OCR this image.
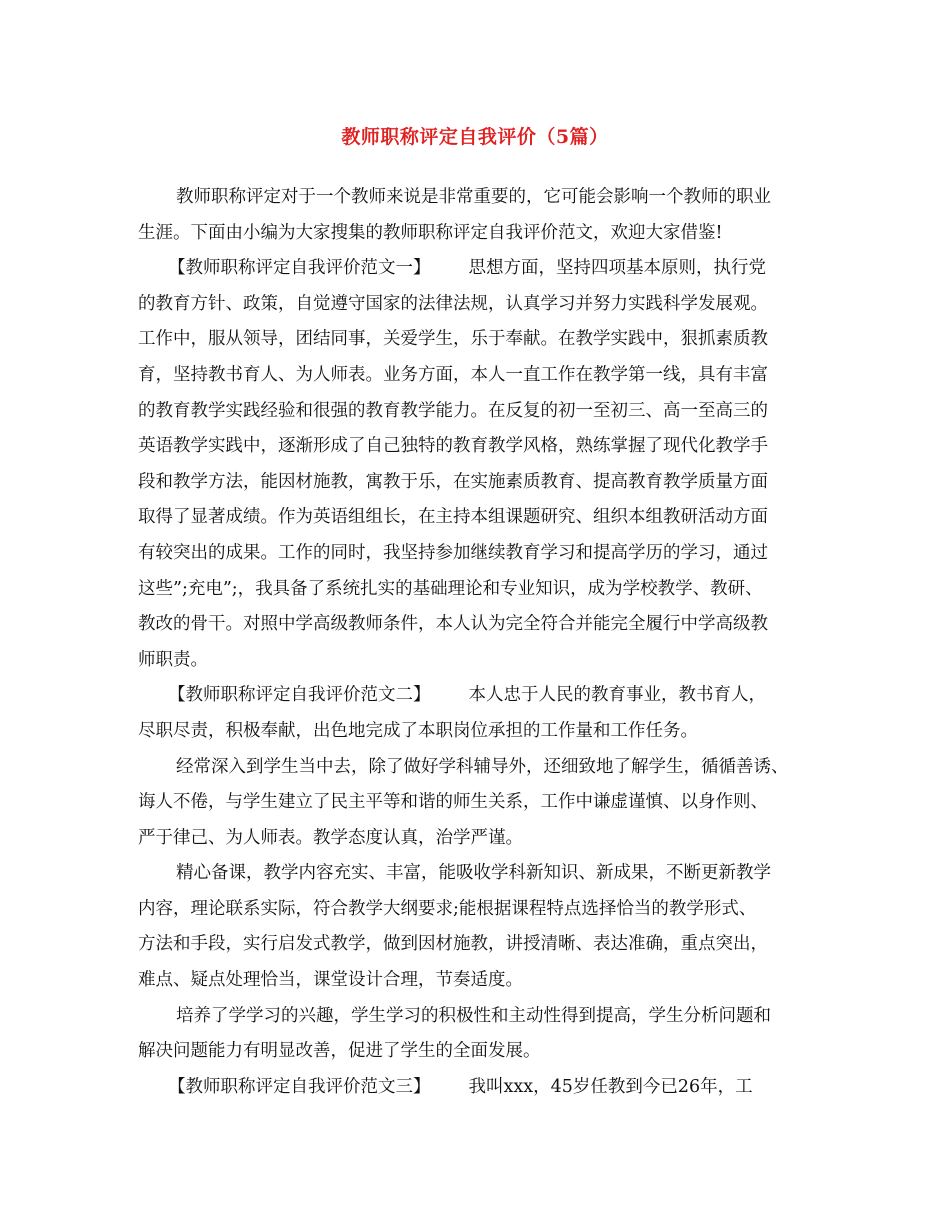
教师职称评定自我评价（5篇）
教师职称评定对于一个教师来说是非常重要的，它可能会影响一个教师的职业
生涯。下面由小编为大家搜集的教师职称评定自我评价范文，欢迎大家借鉴!
【教师职称评定自我评价范文一】 思想方面，坚持四项基本原则，执行党
的教育方针、政策，自觉遵守国家的法律法规，认真学习并努力实践科学发展观。
工作中，服从领导，团结同事，关爱学生，乐于奉献。在教学实践中，狠抓素质教
育，坚持教书育人、为人师表。业务方面，本人一直工作在教学第一线，具有丰富
的教育教学实践经验和很强的教育教学能力。在反复的初一至初三、高一至高三的
英语教学实践中，逐渐形成了自己独特的教育教学风格，熟练掌握了现代化教学手
段和教学方法，能因材施教，寓教于乐，在实施素质教育、提高教育教学质量方面
取得了显著成绩。作为英语组组长，在主持本组课题研究、组织本组教研活动方面
有较突出的成果。工作的同时，我坚持参加继续教育学习和提高学历的学习，通过
这些”;充电”;，我具备了系统扎实的基础理论和专业知识，成为学校教学、教研、
教改的骨干。对照中学高级教师条件，本人认为完全符合并能完全履行中学高级教
师职责。
【教师职称评定自我评价范文二】 本人忠于人民的教育事业，教书育人，
尽职尽责，积极奉献，出色地完成了本职岗位承担的工作量和工作任务。
经常深入到学生当中去，除了做好学科辅导外，还细致地了解学生，循循善诱、
诲人不倦，与学生建立了民主平等和谐的师生关系，工作中谦虚谨慎、以身作则、
严于律己、为人师表。教学态度认真，治学严谨。
精心备课，教学内容充实、丰富，能吸收学科新知识、新成果，不断更新教学
内容，理论联系实际，符合教学大纲要求;能根据课程特点选择恰当的教学形式、
方法和手段，实行启发式教学，做到因材施教，讲授清晰、表达准确，重点突出，
难点、疑点处理恰当，课堂设计合理，节奏适度。
培养了学学习的兴趣，学生学习的积极性和主动性得到提高，学生分析问题和
解决问题能力有明显改善，促进了学生的全面发展。
【教师职称评定自我评价范文三】 我叫xxx，45岁任教到今已26年，工
